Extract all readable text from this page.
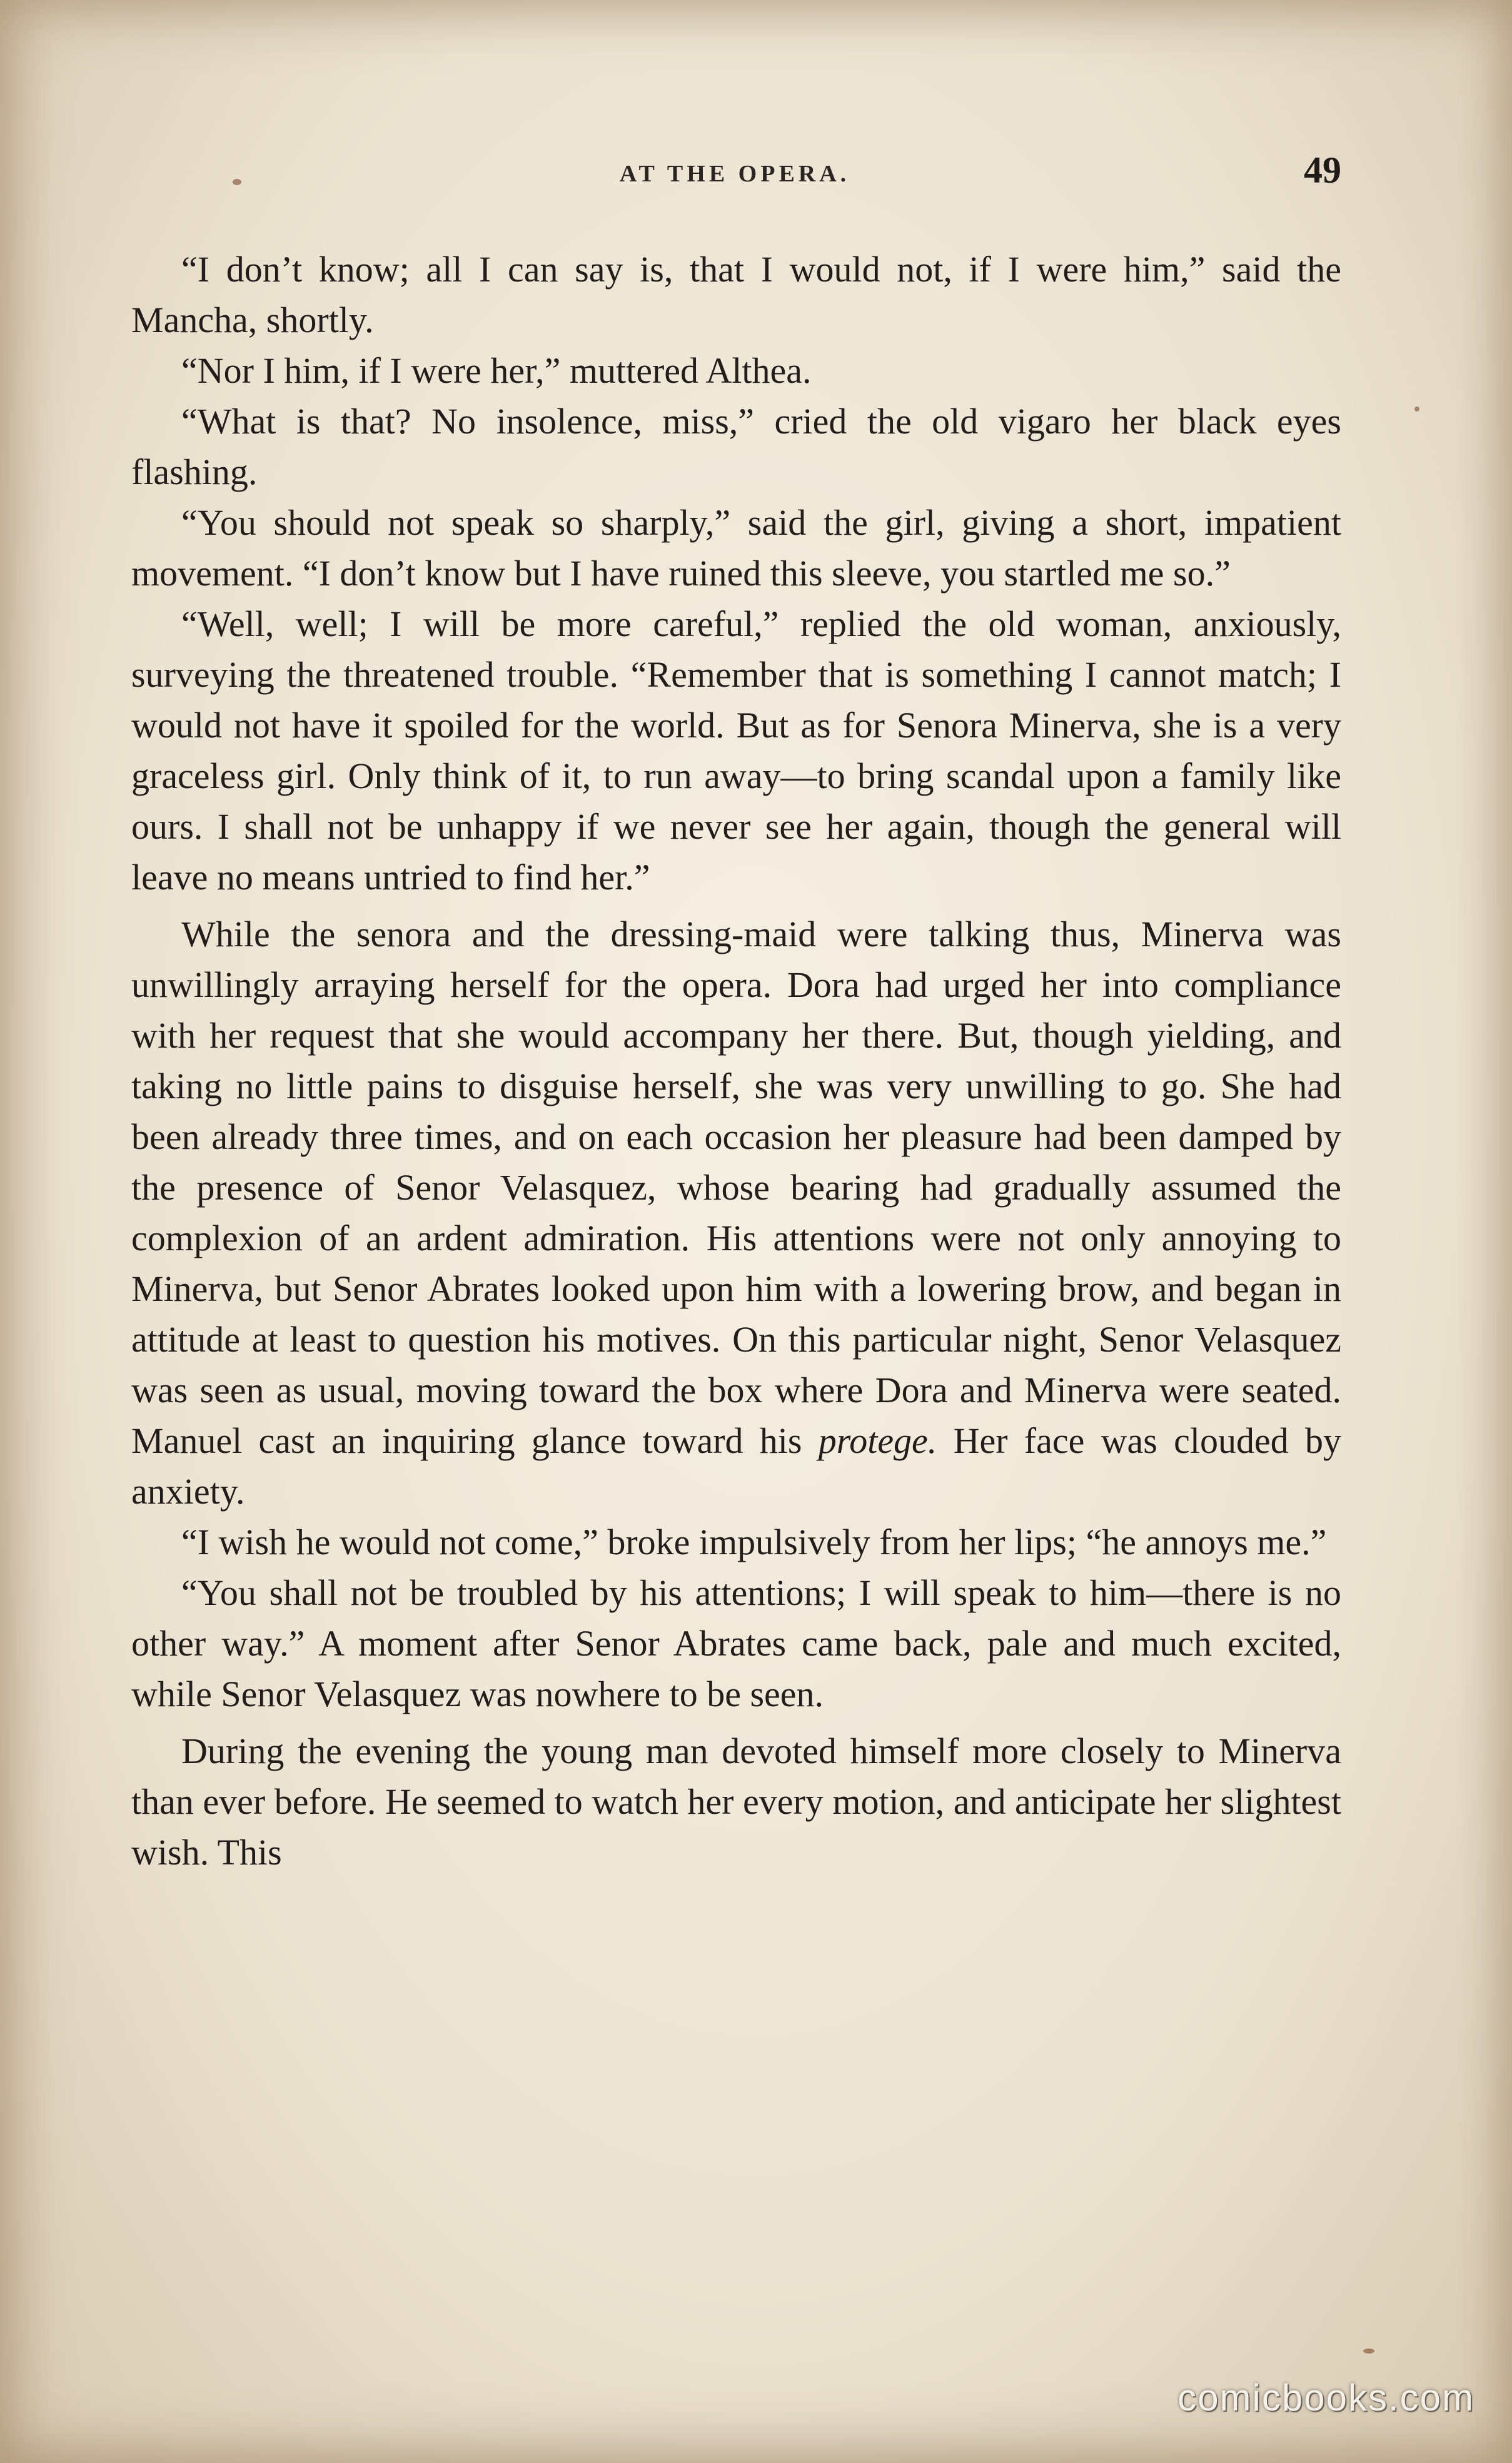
AT THE OPERA.	49

“I don’t know; all I can say is, that I would not, if I were him,” said the Mancha, shortly.

“Nor I him, if I were her,” muttered Althea.

“What is that? No insolence, miss,” cried the old vigaro her black eyes flashing.

“You should not speak so sharply,” said the girl, giving a short, impatient movement. “I don’t know but I have ruined this sleeve, you startled me so.”

“Well, well; I will be more careful,” replied the old woman, anxiously, surveying the threatened trouble. “Remember that is something I cannot match; I would not have it spoiled for the world. But as for Senora Minerva, she is a very graceless girl. Only think of it, to run away—to bring scandal upon a family like ours. I shall not be unhappy if we never see her again, though the general will leave no means untried to find her.”

While the senora and the dressing-maid were talking thus, Minerva was unwillingly arraying herself for the opera. Dora had urged her into compliance with her request that she would accompany her there. But, though yielding, and taking no little pains to disguise herself, she was very unwilling to go. She had been already three times, and on each occasion her pleasure had been damped by the presence of Senor Velasquez, whose bearing had gradually assumed the complexion of an ardent admiration. His attentions were not only annoying to Minerva, but Senor Abrates looked upon him with a lowering brow, and began in attitude at least to question his motives. On this particular night, Senor Velasquez was seen as usual, moving toward the box where Dora and Minerva were seated. Manuel cast an inquiring glance toward his protege. Her face was clouded by anxiety.

“I wish he would not come,” broke impulsively from her lips; “he annoys me.”

“You shall not be troubled by his attentions; I will speak to him—there is no other way.” A moment after Senor Abrates came back, pale and much excited, while Senor Velasquez was nowhere to be seen.

During the evening the young man devoted himself more closely to Minerva than ever before. He seemed to watch her every motion, and anticipate her slightest wish. This

comicbooks.com
